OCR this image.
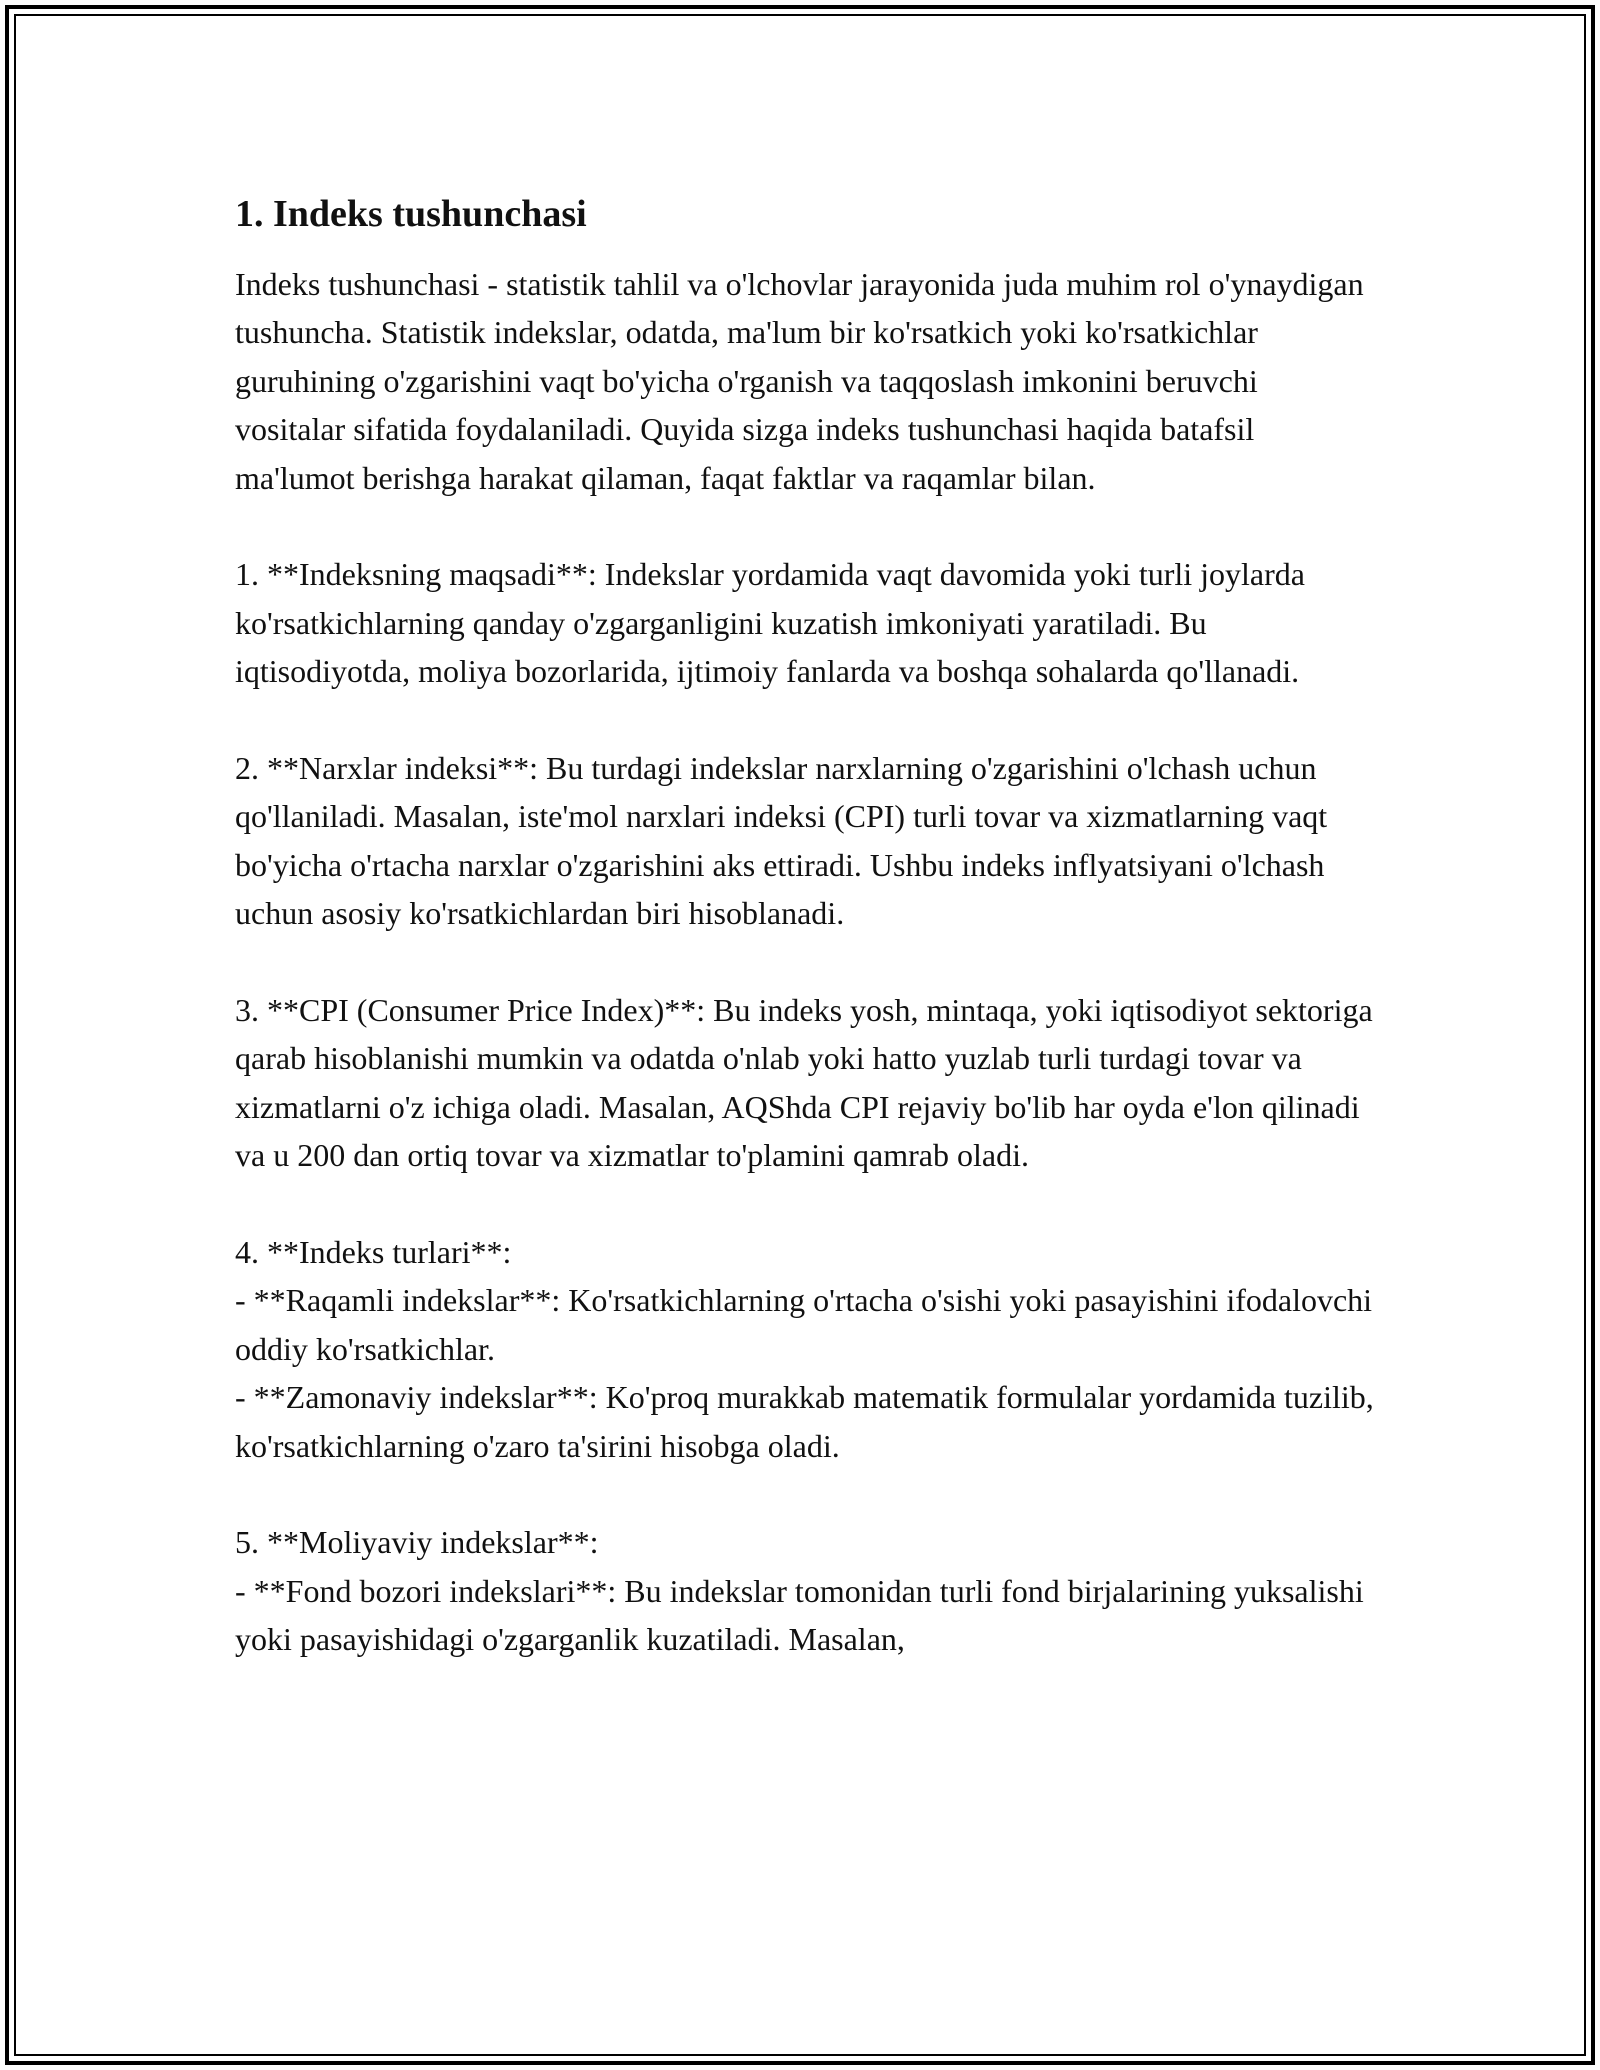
1. Indeks tushunchasi

Indeks tushunchasi - statistik tahlil va o'lchovlar jarayonida juda muhim rol o'ynaydigan tushuncha. Statistik indekslar, odatda, ma'lum bir ko'rsatkich yoki ko'rsatkichlar guruhining o'zgarishini vaqt bo'yicha o'rganish va taqqoslash imkonini beruvchi vositalar sifatida foydalaniladi. Quyida sizga indeks tushunchasi haqida batafsil ma'lumot berishga harakat qilaman, faqat faktlar va raqamlar bilan.

1. **Indeksning maqsadi**: Indekslar yordamida vaqt davomida yoki turli joylarda ko'rsatkichlarning qanday o'zgarganligini kuzatish imkoniyati yaratiladi. Bu iqtisodiyotda, moliya bozorlarida, ijtimoiy fanlarda va boshqa sohalarda qo'llanadi.

2. **Narxlar indeksi**: Bu turdagi indekslar narxlarning o'zgarishini o'lchash uchun qo'llaniladi. Masalan, iste'mol narxlari indeksi (CPI) turli tovar va xizmatlarning vaqt bo'yicha o'rtacha narxlar o'zgarishini aks ettiradi. Ushbu indeks inflyatsiyani o'lchash uchun asosiy ko'rsatkichlardan biri hisoblanadi.

3. **CPI (Consumer Price Index)**: Bu indeks yosh, mintaqa, yoki iqtisodiyot sektoriga qarab hisoblanishi mumkin va odatda o'nlab yoki hatto yuzlab turli turdagi tovar va xizmatlarni o'z ichiga oladi. Masalan, AQShda CPI rejaviy bo'lib har oyda e'lon qilinadi va u 200 dan ortiq tovar va xizmatlar to'plamini qamrab oladi.

4. **Indeks turlari**:
- **Raqamli indekslar**: Ko'rsatkichlarning o'rtacha o'sishi yoki pasayishini ifodalovchi oddiy ko'rsatkichlar.
- **Zamonaviy indekslar**: Ko'proq murakkab matematik formulalar yordamida tuzilib, ko'rsatkichlarning o'zaro ta'sirini hisobga oladi.

5. **Moliyaviy indekslar**:
- **Fond bozori indekslari**: Bu indekslar tomonidan turli fond birjalarining yuksalishi yoki pasayishidagi o'zgarganlik kuzatiladi. Masalan,
